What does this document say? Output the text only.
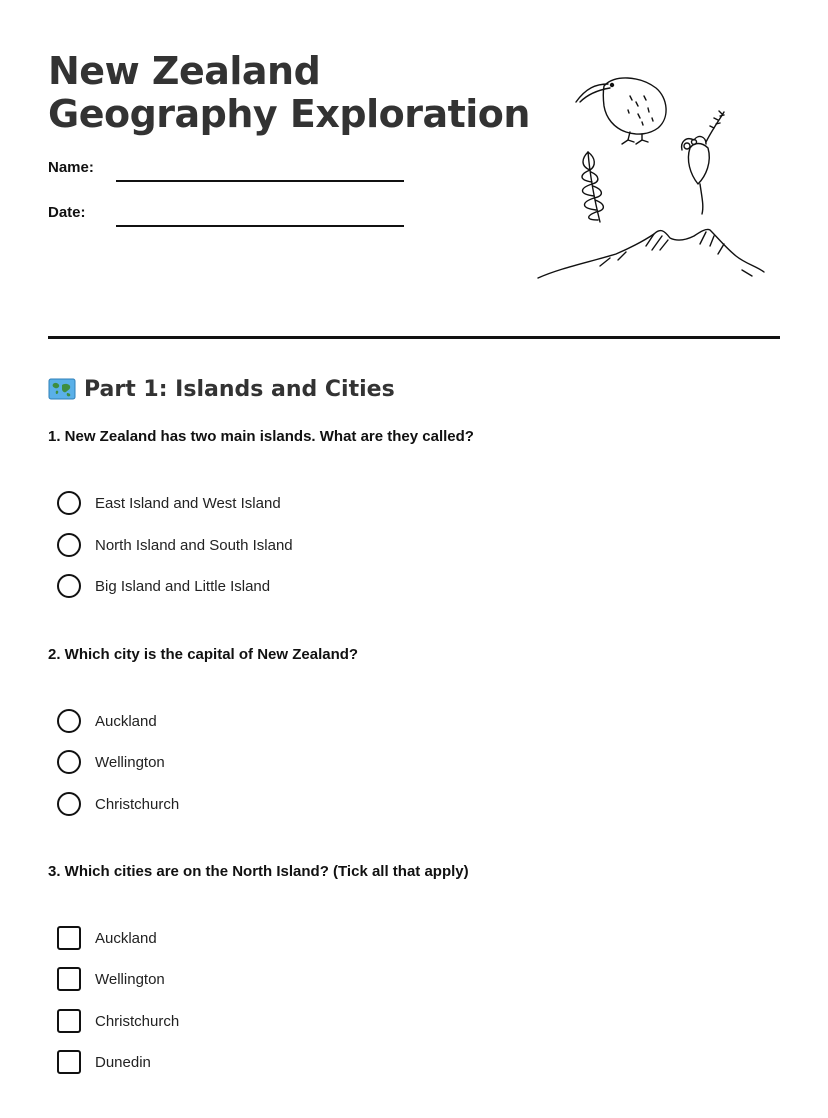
New Zealand
Geography Exploration
Name:
Date:
Part 1: Islands and Cities
1. New Zealand has two main islands. What are they called?
East Island and West Island
North Island and South Island
Big Island and Little Island
2. Which city is the capital of New Zealand?
Auckland
Wellington
Christchurch
3. Which cities are on the North Island? (Tick all that apply)
Auckland
Wellington
Christchurch
Dunedin
